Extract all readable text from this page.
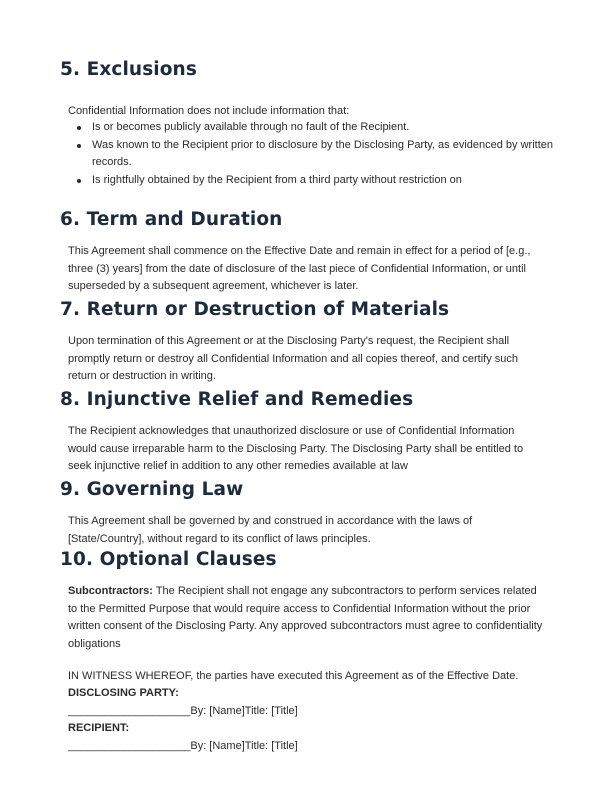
5. Exclusions

Confidential Information does not include information that:

Is or becomes publicly available through no fault of the Recipient.
Was known to the Recipient prior to disclosure by the Disclosing Party, as evidenced by written records.
Is rightfully obtained by the Recipient from a third party without restriction on
6. Term and Duration

This Agreement shall commence on the Effective Date and remain in effect for a period of [e.g., three (3) years] from the date of disclosure of the last piece of Confidential Information, or until superseded by a subsequent agreement, whichever is later.

7. Return or Destruction of Materials

Upon termination of this Agreement or at the Disclosing Party's request, the Recipient shall promptly return or destroy all Confidential Information and all copies thereof, and certify such return or destruction in writing.

8. Injunctive Relief and Remedies

The Recipient acknowledges that unauthorized disclosure or use of Confidential Information would cause irreparable harm to the Disclosing Party. The Disclosing Party shall be entitled to seek injunctive relief in addition to any other remedies available at law

9. Governing Law

This Agreement shall be governed by and construed in accordance with the laws of [State/Country], without regard to its conflict of laws principles.

10. Optional Clauses

Subcontractors: The Recipient shall not engage any subcontractors to perform services related to the Permitted Purpose that would require access to Confidential Information without the prior written consent of the Disclosing Party. Any approved subcontractors must agree to confidentiality obligations

IN WITNESS WHEREOF, the parties have executed this Agreement as of the Effective Date.

DISCLOSING PARTY:

____________________By: [Name]Title: [Title]

RECIPIENT:

____________________By: [Name]Title: [Title]
